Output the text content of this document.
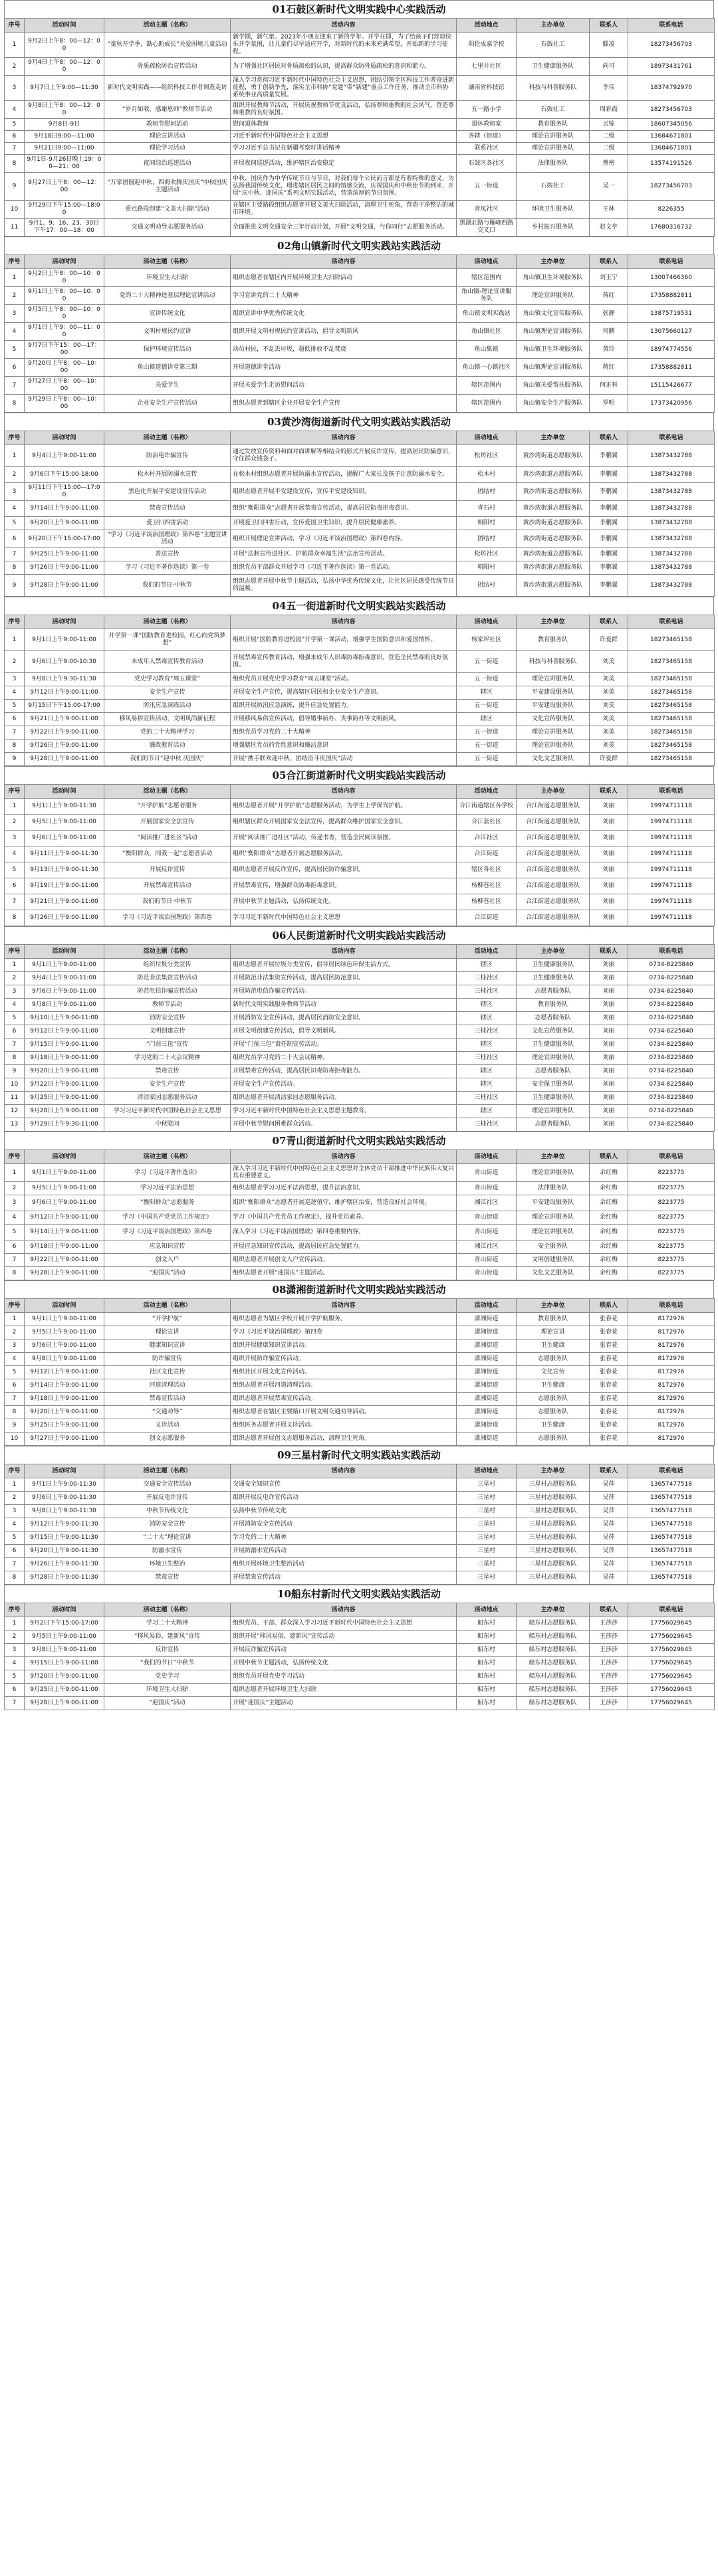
01石鼓区新时代文明实践中心实践活动
序号	活动时间	活动主题（名称）	活动内容	活动地点	主办单位	联系人	联系电话
1	9月2日上午8：00—12：00	“童秋开学季，黏心助成长”关爱困境儿童活动	新学期，新气象。2023年小朋友迎来了新的学年。开学在即，为了给孩子们营造快乐开学氛围，让儿童们尽早适应开学，对新时代的未来充满希望，开始新的学习征程。	阳伦成嘉学校	石鼓社工	滕凌	18273456703
2	9月4日上午8：00—12：00	骨质疏松防治宣传活动	为了增强社区居民对骨质疏松的认识，提高群众防骨质疏松的意识和能力。	七里井社区	卫生健康服务队	尚可	18973431761
3	9月7日上午9:00—11:30	新时代文明实践——组织科技工作者调查走访	深入学习贯彻习近平新时代中国特色社会主义思想，团结引领全区科技工作者奋进新征程，勇于创新争先，落实全市科协“党建”带“新建”重点工作任务，推动全市科协系统事业高质量发展。	湖南省科技馆	科技与科普服务队	李伟	18374792970
4	9月8日上午8：00—12：00	“岁月如歌，感谢恩师”教师节活动	组织开展教师节活动，开展庆祝教师节优良活动，弘扬尊师重教的社会风气，营造尊师重教的良好氛围。	五一路小学	石鼓社工	周彩霞	18273456703
5	9月8日-9日	教师节慰问活动	慰问退休教师	退休教师家	教育服务队	云锦	18607345056
6	9月18日9:00—11:00	理论宣讲活动	习近平新时代中国特色社会主义思想	各辖（街道）	理论宣讲服务队	二级	13684671801
7	9月21日9:00—11:00	理论学习活动	学习习近平总书记在新疆考察时讲话精神	联系社区	理论宣讲服务队	二级	13684671801
8	9月1日-9月26日晚上19：00—21：00	夜间综治巡逻活动	开展夜间巡逻活动，维护辖区治安稳定	石鼓区各社区	法律服务队	曹密	13574191526
9	9月27日上午8：00—12：00	“万家团圆迎中秋，四海欢腾庆国庆”中秋国庆主题活动	中秋、国庆作为中华传统节日与节日，对我们每个公民而言都是有着特殊的意义，为弘扬我国传统文化，增进辖区居民之间的情感交流，庆祝国庆和中秋佳节的到来，开展“庆中秋、迎国庆”系列文明实践活动，营造浓厚的节日氛围。	五一街道	石鼓社工	吴一	18273456703
10	9月29日下午15:00—18:00	重点路段创建“文美大扫除”活动	在辖区主要路段组织志愿者开展文美大扫除活动，清理卫生死角，营造干净整洁的城市环境。	青凤社区	环境卫生服务队	王林	8226355
11	9月1、9、16、23、30日下午17：00—18：00	交通文明劝导志愿服务活动	全面推进文明交通安全三年行动计划，开展“文明交通，与你同行”志愿服务活动。	黑湖北路与雁峰西路交叉口	乡村振兴服务队	赵文亭	17680316732
02角山镇新时代文明实践站实践活动
序号	活动时间	活动主题（名称）	活动内容	活动地点	主办单位	联系人	联系电话
1	9月2日上午8：00—10：00	环境卫生大扫除	组织志愿者在辖区内开展环境卫生大扫除活动	辖区范围内	角山镇卫生环境服务队	刘玉宁	13007466360
2	9月1日上午8：00—10：00	党的二十大精神进基层理论宣讲活动	学习宣讲党的二十大精神	角山镇-理论宣讲服务队	理论宣讲服务队	蒋红	17358882811
3	9月5日上午8：00—10：00	宣讲传统文化	组织宣讲中华优秀传统文化	角山镇文明实践站	角山镇文化宣传服务队	张静	13875719531
4	9月1日上午9：00—11：00	文明村规民约宣讲	组织开展文明村规民约宣讲活动，倡导文明新风	角山镇社区	角山镇理论宣讲服务队	何鹏	13075660127
5	9月7日下午15：00—17：00	保护环境宣传活动	动员村民，不乱丢垃圾，超低排放不乱焚烧	角山集镇	角山镇卫生环境服务队	黄玲	18974774556
6	9月20日上午8：00—10：00	角山镇道德讲堂第三期	开展道德讲堂活动	角山镇一心镇社区	角山镇理论宣讲服务队	蒋红	17358882811
7	9月27日上午8：00—10：00	关爱学生	开展关爱学生走访慰问活动	辖区范围内	角山镇关爱帮扶服务队	何正科	15115426677
8	9月29日上午8：00—10：00	企业安全生产宣传活动	组织志愿者到辖区企业开展安全生产宣传	辖区范围内	角山镇安全生产服务队	罗明	17373420956
03黄沙湾街道新时代文明实践站实践活动
序号	活动时间	活动主题（名称）	活动内容	活动地点	主办单位	联系人	联系电话
1	9月4日上午9:00-11:00	防治电诈骗宣传	通过发放宣传资料和面对面讲解等相结合的形式开展反诈宣传，提高居民防骗意识，守住群众钱袋子。	松坊社区	黄沙湾街道志愿服务队	李鹏翼	13873432788
2	9月6日下午15:00-18:00	松木村开展防溺水宣传	在松木村组织志愿者开展防溺水宣传活动，提醒广大家长及孩子注意防溺水安全。	松木村	黄沙湾街道志愿服务队	李鹏翼	13873432788
3	9月11日下午15:00—17:00	黑色化开展平安建设宣传活动	组织志愿者开展平安建设宣传，宣传平安建设知识。	团结村	黄沙湾街道志愿服务队	李鹏翼	13873432788
4	9月14日上午9:00-11:00	禁毒宣传活动	组织“衡阳群众”志愿者开展禁毒宣传活动，提高居民防毒拒毒意识。	青石村	黄沙湾街道志愿服务队	李鹏翼	13873432788
5	9月20日上午9:00-11:00	爱卫扫四害活动	开展爱卫扫四害行动，宣传爱国卫生知识，提升居民健康素养。	朝阳村	黄沙湾街道志愿服务队	李鹏翼	13873432788
6	9月20日下午15:00-17:00	“学习《习近平谈治国理政》第四卷”主题宣讲活动	组织开展理论宣讲活动，学习《习近平谈治国理政》第四卷内容。	团结村	黄沙湾街道志愿服务队	李鹏翼	13873432788
7	9月25日上午9:00-11:00	普法宣传	开展“法制宣传进社区、护航群众幸福生活”法治宣传活动。	松坊社区	黄沙湾街道志愿服务队	李鹏翼	13873432788
8	9月26日上午9:00-11:00	学习《习近平著作选读》第一卷	组织党员干部群众开展学习《习近平著作选读》第一卷活动。	朝阳村	黄沙湾街道志愿服务队	李鹏翼	13873432788
9	9月28日上午9:00-11:00	我们的节日·中秋节	组织志愿者开展中秋节主题活动，弘扬中华优秀传统文化，让社区居民感受传统节日的温暖。	团结村	黄沙湾街道志愿服务队	李鹏翼	13873432788
04五一街道新时代文明实践站实践活动
序号	活动时间	活动主题（名称）	活动内容	活动地点	主办单位	联系人	联系电话
1	9月1日上午9:00-11:00	开学第一课“国防教育进校园，红心向党筑梦想”	组织开展“国防教育进校园”开学第一课活动，增强学生国防意识和爱国情怀。	杨家坪社区	教育服务队	许爱群	18273465158
2	9月6日上午9:00-10:30	未成年人禁毒宣传教育活动	开展禁毒宣传教育活动，增强未成年人识毒防毒拒毒意识，营造全民禁毒的良好氛围。	五一街道	科技与科普服务队	刘美	18273465158
3	9月8日上午9:30-11:30	党史学习教育“周五课堂”	组织党员开展党史学习教育“周五课堂”活动。	五一街道	理论宣讲服务队	刘美	18273465158
4	9月12日上午9:00-11:00	安全生产宣传	开展安全生产宣传，提高辖区居民和企业安全生产意识。	辖区	平安建设服务队	刘美	18273465158
5	9月15日下午15:00-17:00	防汛应急演练活动	组织开展防汛应急演练，提升应急处置能力。	五一街道	平安建设服务队	刘美	18273465158
6	9月21日上午9:00-11:00	移风易俗宣传活动，文明风尚新征程	开展移风易俗宣传活动，倡导婚事新办、丧事简办等文明新风。	辖区	文化宣传服务队	刘美	18273465158
7	9月22日上午9:00-11:00	党的二十大精神学习	组织党员学习党的二十大精神	五一街道	理论宣讲服务队	刘美	18273465158
8	9月26日上午9:00-11:00	廉政教育活动	增强辖区党员的党性意识和廉洁意识	五一街道	理论宣讲服务队	刘美	18273465158
9	9月28日上午9:00-11:00	我们的节日“迎中秋 庆国庆”	开展“携手联欢迎中秋，团结奋斗庆国庆”活动	五一街道	文化文艺服务队	许爱群	18273465158
05合江街道新时代文明实践站实践活动
序号	活动时间	活动主题（名称）	活动内容	活动地点	主办单位	联系人	联系电话
1	9月1日上午9:00-11:30	“开学护航”志愿者服务	组织志愿者开展“开学护航”志愿服务活动，为学生上学保驾护航。	合江街道辖区各学校	合江街道志愿服务队	刘丽	19974711118
2	9月5日上午9:00-11:00	开展国家安全法宣传	组织辖区群众开展国家安全法宣传，提高群众维护国家安全意识。	合江套社区	合江街道志愿服务队	刘丽	19974711118
3	9月6日上午9:00-11:00	“阅读推广进社区”活动	开展“阅读推广进社区”活动，传递书香，营造全民阅读氛围。	合江社区	合江街道志愿服务队	刘丽	19974711118
4	9月11日上午9:00-11:30	“衡阳群众，同我一起”志愿者活动	组织“衡阳群众”志愿者开展志愿服务活动。	合江街道	合江街道志愿服务队	刘丽	19974711118
5	9月13日上午9:00-11:30	开展反诈宣传	组织志愿者开展反诈宣传，提高居民防诈骗意识。	辖区各社区	合江街道志愿服务队	刘丽	19974711118
6	9月19日上午9:00-11:00	开展禁毒宣传活动	开展禁毒宣传，增强群众防毒拒毒意识。	杨柳巷社区	合江街道志愿服务队	刘丽	19974711118
7	9月21日上午9:00-11:00	我们的节日·中秋节	开展中秋节主题活动，弘扬传统文化。	杨柳巷社区	合江街道志愿服务队	刘丽	19974711118
8	9月26日上午9:00-11:00	学习《习近平谈治国理政》第四卷	学习习近平新时代中国特色社会主义思想	合江街道	合江街道志愿服务队	刘丽	19974711118
06人民街道新时代文明实践站实践活动
序号	活动时间	活动主题（名称）	活动内容	活动地点	主办单位	联系人	联系电话
1	9月1日上午9:00-11:00	组织垃圾分类宣传	组织志愿者开展垃圾分类宣传，倡导居民绿色环保生活方式。	辖区	卫生健康服务队	刘丽	0734-8225840
2	9月4日上午9:00-11:00	防范非法集资宣传活动	开展防范非法集资宣传活动，提高居民防范意识。	三桂社区	卫生健康服务队	刘丽	0734-8225840
3	9月6日上午9:00-11:00	防范电信诈骗宣传活动	开展防范电信诈骗宣传活动。	三桂社区	志愿者服务队	刘丽	0734-8225840
4	9月8日上午9:00-11:00	教师节活动	新时代文明实践服务教师节活动	辖区	教育服务队	刘丽	0734-8225840
5	9月10日上午9:00-11:00	消防安全宣传	开展消防安全宣传活动，提高居民消防安全意识。	辖区	志愿者服务队	刘丽	0734-8225840
6	9月12日上午9:00-11:00	文明创建宣传	开展文明创建宣传活动，倡导文明新风。	三桂社区	文化宣传服务队	刘丽	0734-8225840
7	9月15日上午9:00-11:00	“门前三包”宣传	开展“门前三包”责任制宣传活动。	辖区	卫生健康服务队	刘丽	0734-8225840
8	9月18日上午9:00-11:00	学习党的二十大会议精神	组织党员学习党的二十大会议精神。	三桂社区	理论宣讲服务队	刘丽	0734-8225840
9	9月20日上午9:00-11:00	禁毒宣传	开展禁毒宣传活动，提高居民识毒防毒拒毒能力。	辖区	志愿者服务队	刘丽	0734-8225840
10	9月22日上午9:00-11:00	安全生产宣传	开展安全生产宣传活动。	辖区	安全保卫服务队	刘丽	0734-8225840
11	9月25日上午9:00-11:00	清洁家园志愿服务活动	组织志愿者开展清洁家园志愿服务活动。	三桂社区	卫生健康服务队	刘丽	0734-8225840
12	9月28日上午9:00-11:00	学习习近平新时代中国特色社会主义思想	学习习近平新时代中国特色社会主义思想主题教育。	辖区	理论宣讲服务队	刘丽	0734-8225840
13	9月29日上午9:30-11:00	中秋慰问	开展中秋节慰问困难群众活动。	三桂社区	志愿者服务队	刘丽	0734-8225840
07青山街道新时代文明实践站实践活动
序号	活动时间	活动主题（名称）	活动内容	活动地点	主办单位	联系人	联系电话
1	9月1日上午9:00-11:00	学习《习近平著作选读》	深入学习习近平新时代中国特色社会主义思想对全体党员干部推进中华民族伟大复兴具有重要意义。	青山街道	理论宣讲服务队	余红梅	8223775
2	9月5日上午9:00-11:00	学习习近平法治思想	组织志愿者学习习近平法治思想，提升法治意识。	青山街道	法律服务队	余红梅	8223775
3	9月6日上午9:00-11:00	“衡阳群众”志愿服务	组织“衡阳群众”志愿者开展巡逻值守，维护辖区治安，营造良好社会环境。	湘江社区	平安建设服务队	余红梅	8223775
4	9月12日上午9:00-11:00	学习《中国共产党党员工作规定》	学习《中国共产党党员工作规定》，提升党员素养。	青山街道	理论宣讲服务队	余红梅	8223775
5	9月14日上午9:00-11:00	学习《习近平谈治国理政》第四卷	深入学习《习近平谈治国理政》第四卷重要内容。	青山街道	理论宣讲服务队	余红梅	8223775
6	9月18日上午9:00-11:00	应急知识宣传	开展应急知识宣传活动，提高居民应急处置能力。	湘江社区	安全服务队	余红梅	8223775
7	9月22日上午9:00-11:00	创文入户	组织志愿者开展创文入户宣传活动。	青山街道	文明创建服务队	余红梅	8223775
8	9月28日上午9:00-11:00	“迎国庆”活动	组织志愿者开展“迎国庆”主题活动。	青山街道	文化文艺服务队	余红梅	8223775
08潇湘街道新时代文明实践站实践活动
序号	活动时间	活动主题（名称）	活动内容	活动地点	主办单位	联系人	联系电话
1	9月1日上午9:00-11:00	“开学护航”	组织志愿者为辖区学校开展开学护航服务。	潇湘街道	教育服务队	张春花	8172976
2	9月5日上午9:00-11:00	理论宣讲	学习《习近平谈治国理政》第四卷	潇湘街道	理论宣讲	张春花	8172976
3	9月6日上午9:00-11:00	健康知识宣讲	组织开展健康知识宣讲活动。	潇湘街道	卫生健康	张春花	8172976
4	9月8日上午9:00-11:00	防诈骗宣传	组织开展防诈骗宣传活动。	潇湘街道	志愿服务队	张春花	8172976
5	9月12日上午9:00-11:00	社区文化宣传	组织社区开展文化宣传活动。	潇湘街道	文化宣传	张春花	8172976
6	9月14日上午9:00-11:00	河道清理活动	组织志愿者开展河道清理活动。	潇湘街道	卫生健康	张春花	8172976
7	9月18日上午9:00-11:00	禁毒宣传活动	组织志愿者开展禁毒宣传活动。	潇湘街道	志愿服务队	张春花	8172976
8	9月20日上午9:00-11:00	“交通劝导”	组织志愿者在辖区主要路口开展文明交通劝导活动。	潇湘街道	志愿服务队	张春花	8172976
9	9月25日上午9:00-11:00	义诊活动	组织医务志愿者开展义诊活动。	潇湘街道	卫生健康	张春花	8172976
10	9月27日上午9:00-11:00	创文志愿服务	组织志愿者开展创文志愿服务活动，清理卫生死角。	潇湘街道	志愿服务队	张春花	8172976
09三星村新时代文明实践站实践活动
序号	活动时间	活动主题（名称）	活动内容	活动地点	主办单位	联系人	联系电话
1	9月1日上午9:00-11:30	交通安全宣传活动	交通安全知识宣传	三星村	三星村志愿服务队	吴萍	13657477518
2	9月6日上午9:00-11:30	开展反电诈宣传	组织开展反电诈宣传活动	三星村	三星村志愿服务队	吴萍	13657477518
3	9月8日上午9:00-11:30	中秋节传统文化	弘扬中秋节传统文化	三星村	三星村志愿服务队	吴萍	13657477518
4	9月12日上午9:00-11:30	消防安全宣传	开展消防安全宣传活动	三星村	三星村志愿服务队	吴萍	13657477518
5	9月15日上午9:00-11:30	“二十大”理论宣讲	学习党的二十大精神	三星村	三星村志愿服务队	吴萍	13657477518
6	9月20日上午9:00-11:30	防溺水宣传	开展防溺水宣传活动	三星村	三星村志愿服务队	吴萍	13657477518
7	9月26日上午9:00-11:30	环境卫生整治	组织开展环境卫生整治活动	三星村	三星村志愿服务队	吴萍	13657477518
8	9月28日上午9:00-11:30	禁毒宣传	开展禁毒宣传活动	三星村	三星村志愿服务队	吴萍	13657477518
10船东村新时代文明实践站实践活动
序号	活动时间	活动主题（名称）	活动内容	活动地点	主办单位	联系人	联系电话
1	9月2日下午15:00-17:00	学习二十大精神	组织党员、干部、群众深入学习习近平新时代中国特色社会主义思想	船东村	船东村志愿服务队	王莎莎	17756029645
2	9月5日上午9:00-11:00	“移风易俗，建新风”宣传	组织开展“移风易俗，建新风”宣传活动	船东村	船东村志愿服务队	王莎莎	17756029645
3	9月8日上午9:00-11:00	反诈宣传	开展反诈骗宣传活动	船东村	船东村志愿服务队	王莎莎	17756029645
4	9月15日上午9:00-11:00	“我们的节日”中秋节	开展中秋节主题活动，弘扬传统文化	船东村	船东村志愿服务队	王莎莎	17756029645
5	9月20日上午9:00-11:00	党史学习	组织党员开展党史学习活动	船东村	船东村志愿服务队	王莎莎	17756029645
6	9月25日上午9:00-11:00	环境卫生大扫除	组织志愿者开展环境卫生大扫除	船东村	船东村志愿服务队	王莎莎	17756029645
7	9月28日上午9:00-11:00	“迎国庆”活动	开展“迎国庆”主题活动	船东村	船东村志愿服务队	王莎莎	17756029645
